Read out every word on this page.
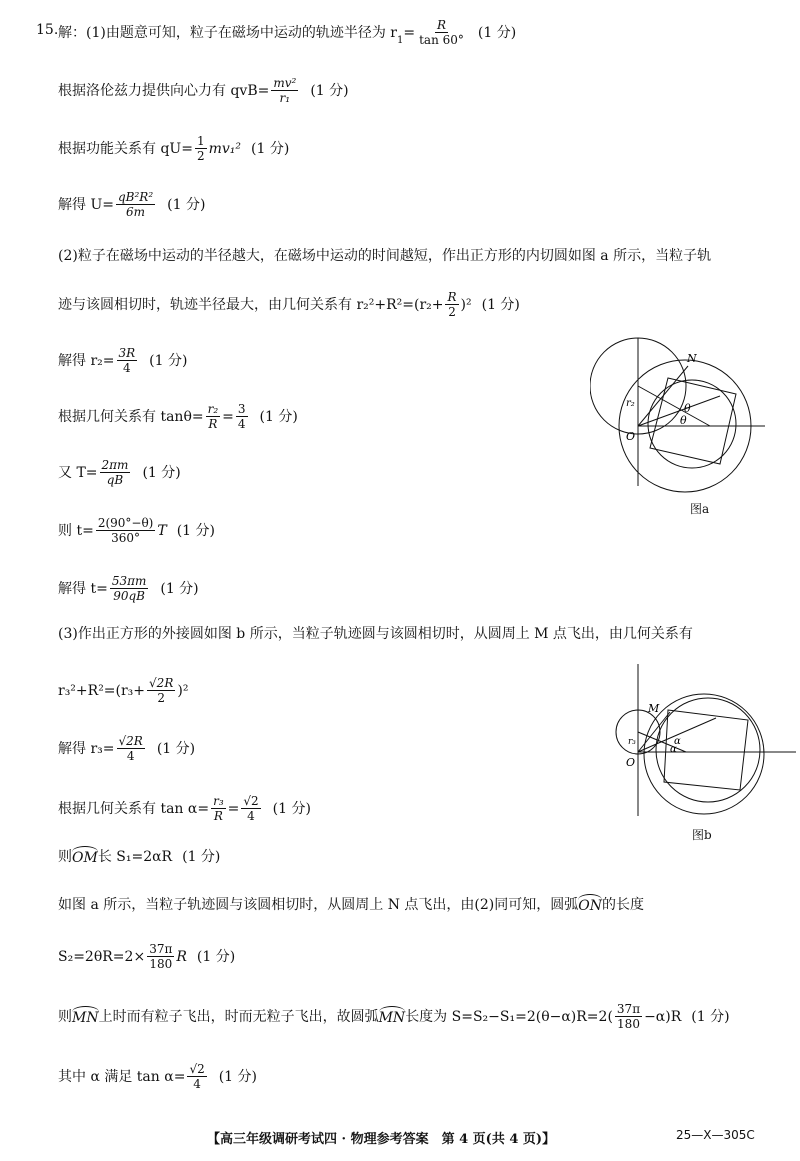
15. 解：(1)由题意可知，粒子在磁场中运动的轨迹半径为 $r1= \frac{R}{\tan 60^\circ} (1$ 分)
根据洛伦兹力提供向心力有 $qvB= \frac{\text{mv²}}{\text{r₁}} (1$ 分)
根据功能关系有 $qU= \frac{1}{2} mv_1^2$ (1 分)
解得 $U= \frac{\text{qB²R²}}{6m} (1$ 分)
(2)粒子在磁场中运动的半径越大，在磁场中运动的时间越短，作出正方形的内切圆如图 a 所示，当粒子轨
迹与该圆相切时，轨迹半径最大，由几何关系有 $r_2^2+R^2=(r_2+ \frac{R}{2} )^2$ (1 分)
解得 $r_2= \frac{3R}{4} (1$ 分)
根据几何关系有 $\tan\theta= \frac{\text{r₂}}{R} = \frac{3}{4} (1$ 分)
又 $T= \frac{2\pi m}{qB} (1$ 分)
则 $t= \frac{2(90^\circ-\theta)}{360^\circ}$ T (1 分)
解得 $t= \frac{53\pi m}{90qB} (1$ 分)
(3)作出正方形的外接圆如图 b 所示，当粒子轨迹圆与该圆相切时，从圆周上 M 点飞出，由几何关系有
$r_3^2+R^2=(r_3+ \frac{√2R}{2} )^2$
解得 $r_3= \frac{√2R}{4} (1$ 分)
根据几何关系有 $\tan \alpha= \frac{\text{r₃}}{R} = \frac{√2}{4} (1$ 分)
则OM长 S₁=2αR (1 分)
如图 a 所示，当粒子轨迹圆与该圆相切时，从圆周上 N 点飞出，由(2)同可知，圆弧ON的长度
$S_2=2\theta R=2\times \frac{37\pi}{180}$ R (1 分)
则MN上时而有粒子飞出，时而无粒子飞出，故圆弧MN长度为 $S=S_2-S_1=2(\theta-\alpha)R=2( \frac{37\pi}{180} -\alpha)R$ (1 分)
其中 α 满足 $\tan \alpha= \frac{√2}{4} (1$ 分)
N
O
r₂	θ
θ
图a
M
O
r₃	α
α
图b
【高三年级调研考试四 · 物理参考答案　第 4 页(共 4 页)】	25—X—305C
